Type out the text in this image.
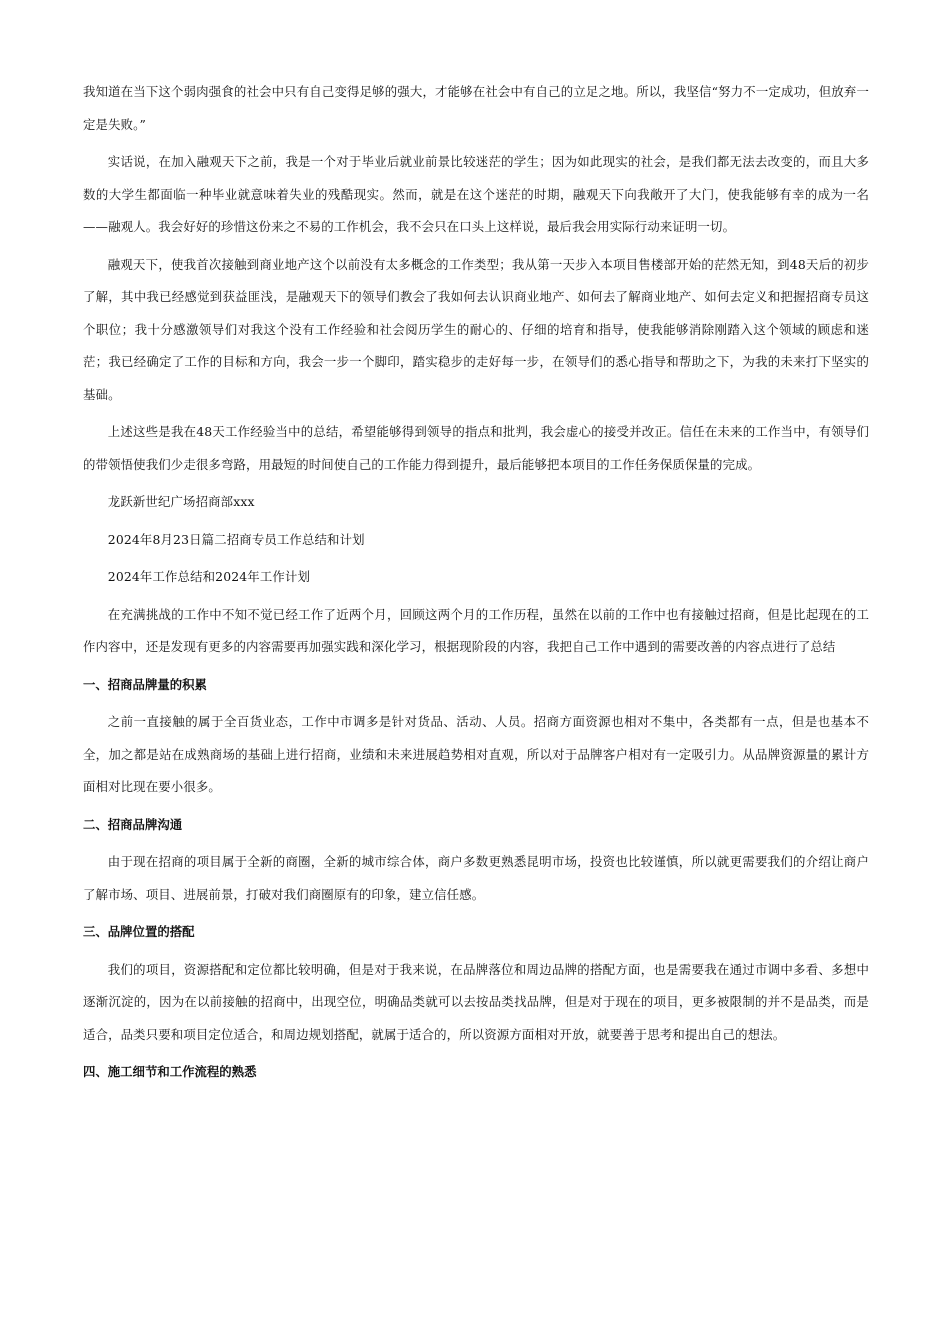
我知道在当下这个弱肉强食的社会中只有自己变得足够的强大，才能够在社会中有自己的立足之地。所以，我坚信“努力不一定成功，但放弃一定是失败。”

实话说，在加入融观天下之前，我是一个对于毕业后就业前景比较迷茫的学生；因为如此现实的社会，是我们都无法去改变的，而且大多数的大学生都面临一种毕业就意味着失业的残酷现实。然而，就是在这个迷茫的时期，融观天下向我敞开了大门，使我能够有幸的成为一名——融观人。我会好好的珍惜这份来之不易的工作机会，我不会只在口头上这样说，最后我会用实际行动来证明一切。

融观天下，使我首次接触到商业地产这个以前没有太多概念的工作类型；我从第一天步入本项目售楼部开始的茫然无知，到48天后的初步了解，其中我已经感觉到获益匪浅，是融观天下的领导们教会了我如何去认识商业地产、如何去了解商业地产、如何去定义和把握招商专员这个职位；我十分感激领导们对我这个没有工作经验和社会阅历学生的耐心的、仔细的培育和指导，使我能够消除刚踏入这个领域的顾虑和迷茫；我已经确定了工作的目标和方向，我会一步一个脚印，踏实稳步的走好每一步，在领导们的悉心指导和帮助之下，为我的未来打下坚实的基础。

上述这些是我在48天工作经验当中的总结，希望能够得到领导的指点和批判，我会虚心的接受并改正。信任在未来的工作当中，有领导们的带领悟使我们少走很多弯路，用最短的时间使自己的工作能力得到提升，最后能够把本项目的工作任务保质保量的完成。

龙跃新世纪广场招商部xxx

2024年8月23日篇二招商专员工作总结和计划

2024年工作总结和2024年工作计划

在充满挑战的工作中不知不觉已经工作了近两个月，回顾这两个月的工作历程，虽然在以前的工作中也有接触过招商，但是比起现在的工作内容中，还是发现有更多的内容需要再加强实践和深化学习，根据现阶段的内容，我把自己工作中遇到的需要改善的内容点进行了总结

一、招商品牌量的积累

之前一直接触的属于全百货业态，工作中市调多是针对货品、活动、人员。招商方面资源也相对不集中，各类都有一点，但是也基本不全，加之都是站在成熟商场的基础上进行招商，业绩和未来进展趋势相对直观，所以对于品牌客户相对有一定吸引力。从品牌资源量的累计方面相对比现在要小很多。

二、招商品牌沟通

由于现在招商的项目属于全新的商圈，全新的城市综合体，商户多数更熟悉昆明市场，投资也比较谨慎，所以就更需要我们的介绍让商户了解市场、项目、进展前景，打破对我们商圈原有的印象，建立信任感。

三、品牌位置的搭配

我们的项目，资源搭配和定位都比较明确，但是对于我来说，在品牌落位和周边品牌的搭配方面，也是需要我在通过市调中多看、多想中逐渐沉淀的，因为在以前接触的招商中，出现空位，明确品类就可以去按品类找品牌，但是对于现在的项目，更多被限制的并不是品类，而是适合，品类只要和项目定位适合，和周边规划搭配，就属于适合的，所以资源方面相对开放，就要善于思考和提出自己的想法。

四、施工细节和工作流程的熟悉
